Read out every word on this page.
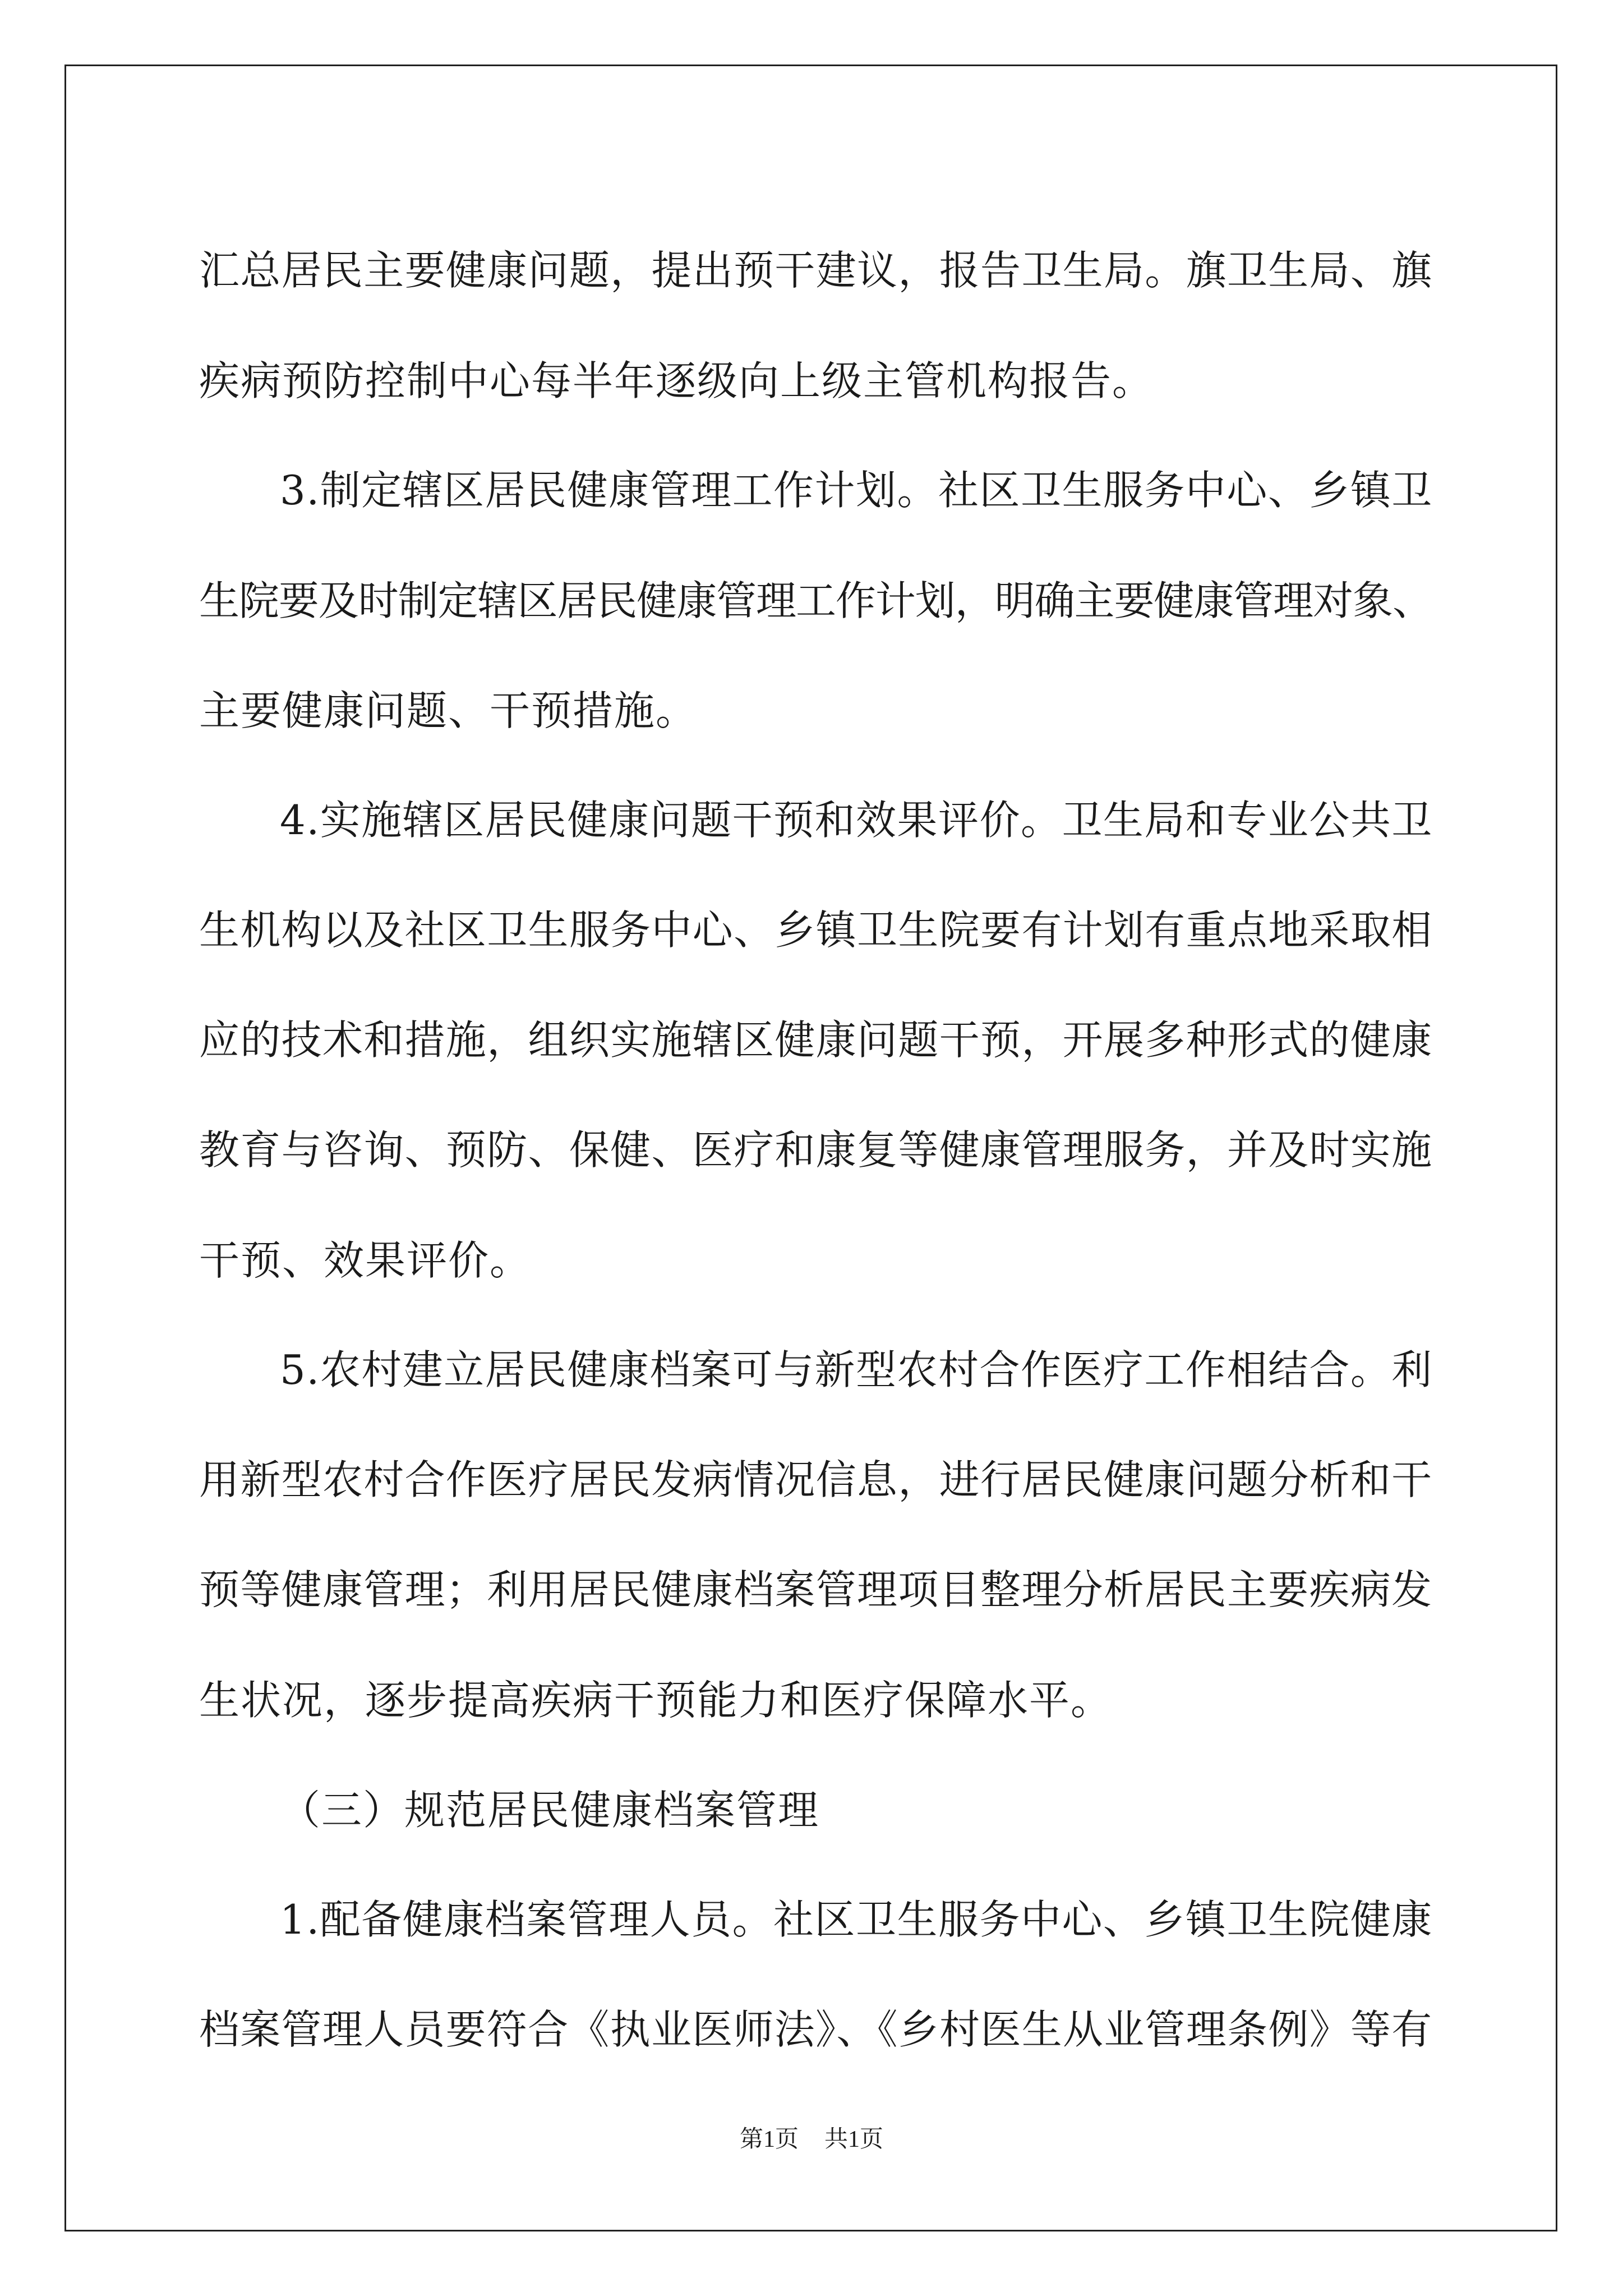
汇总居民主要健康问题，提出预干建议，报告卫生局。旗卫生局、旗
疾病预防控制中心每半年逐级向上级主管机构报告。
3.制定辖区居民健康管理工作计划。社区卫生服务中心、乡镇卫
生院要及时制定辖区居民健康管理工作计划，明确主要健康管理对象、
主要健康问题、干预措施。
4.实施辖区居民健康问题干预和效果评价。卫生局和专业公共卫
生机构以及社区卫生服务中心、乡镇卫生院要有计划有重点地采取相
应的技术和措施，组织实施辖区健康问题干预，开展多种形式的健康
教育与咨询、预防、保健、医疗和康复等健康管理服务，并及时实施
干预、效果评价。
5.农村建立居民健康档案可与新型农村合作医疗工作相结合。利
用新型农村合作医疗居民发病情况信息，进行居民健康问题分析和干
预等健康管理；利用居民健康档案管理项目整理分析居民主要疾病发
生状况，逐步提高疾病干预能力和医疗保障水平。
（三）规范居民健康档案管理
1.配备健康档案管理人员。社区卫生服务中心、乡镇卫生院健康
档案管理人员要符合《执业医师法》、《乡村医生从业管理条例》等有
第1页 共1页
